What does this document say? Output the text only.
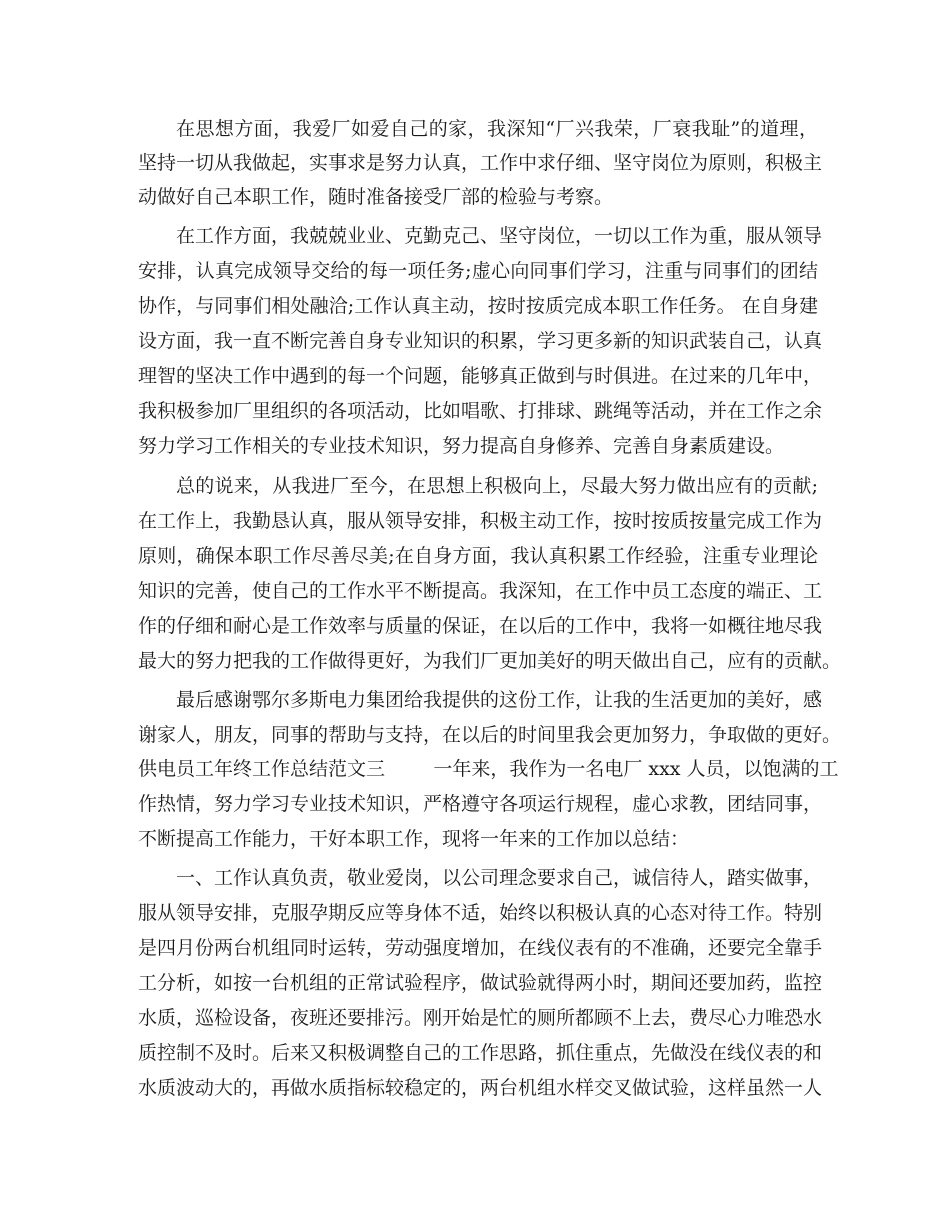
在思想方面，我爱厂如爱自己的家，我深知“厂兴我荣，厂衰我耻”的道理，
坚持一切从我做起，实事求是努力认真，工作中求仔细、坚守岗位为原则，积极主
动做好自己本职工作，随时准备接受厂部的检验与考察。
在工作方面，我兢兢业业、克勤克己、坚守岗位，一切以工作为重，服从领导
安排，认真完成领导交给的每一项任务;虚心向同事们学习，注重与同事们的团结
协作，与同事们相处融洽;工作认真主动，按时按质完成本职工作任务。 在自身建
设方面，我一直不断完善自身专业知识的积累，学习更多新的知识武装自己，认真
理智的坚决工作中遇到的每一个问题，能够真正做到与时俱进。在过来的几年中，
我积极参加厂里组织的各项活动，比如唱歌、打排球、跳绳等活动，并在工作之余
努力学习工作相关的专业技术知识，努力提高自身修养、完善自身素质建设。
总的说来，从我进厂至今，在思想上积极向上，尽最大努力做出应有的贡献;
在工作上，我勤恳认真，服从领导安排，积极主动工作，按时按质按量完成工作为
原则，确保本职工作尽善尽美;在自身方面，我认真积累工作经验，注重专业理论
知识的完善，使自己的工作水平不断提高。我深知，在工作中员工态度的端正、工
作的仔细和耐心是工作效率与质量的保证，在以后的工作中，我将一如概往地尽我
最大的努力把我的工作做得更好，为我们厂更加美好的明天做出自己，应有的贡献。
最后感谢鄂尔多斯电力集团给我提供的这份工作，让我的生活更加的美好，感
谢家人，朋友，同事的帮助与支持，在以后的时间里我会更加努力，争取做的更好。
供电员工年终工作总结范文三        一年来，我作为一名电厂 xxx 人员，以饱满的工
作热情，努力学习专业技术知识，严格遵守各项运行规程，虚心求教，团结同事，
不断提高工作能力，干好本职工作，现将一年来的工作加以总结：
一、工作认真负责，敬业爱岗，以公司理念要求自己，诚信待人，踏实做事，
服从领导安排，克服孕期反应等身体不适，始终以积极认真的心态对待工作。特别
是四月份两台机组同时运转，劳动强度增加，在线仪表有的不准确，还要完全靠手
工分析，如按一台机组的正常试验程序，做试验就得两小时，期间还要加药，监控
水质，巡检设备，夜班还要排污。刚开始是忙的厕所都顾不上去，费尽心力唯恐水
质控制不及时。后来又积极调整自己的工作思路，抓住重点，先做没在线仪表的和
水质波动大的，再做水质指标较稳定的，两台机组水样交叉做试验，这样虽然一人
